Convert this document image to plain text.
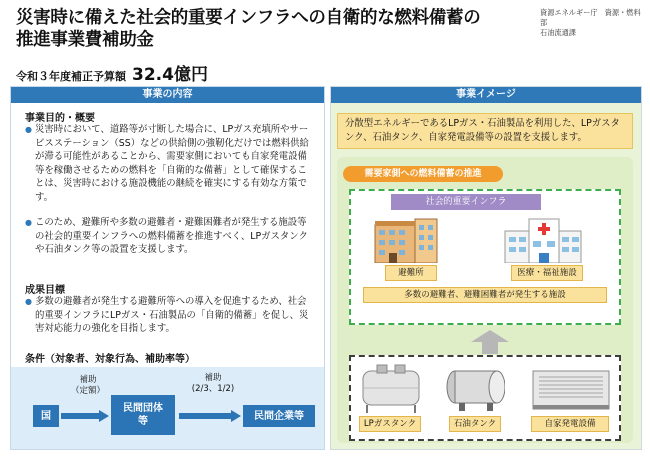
災害時に備えた社会的重要インフラへの自衛的な燃料備蓄の
推進事業費補助金
資源エネルギー庁　資源・燃料部
石油流通課
令和３年度補正予算額 32.4億円
事業の内容
事業目的・概要
● 災害時において、道路等が寸断した場合に、LPガス充填所やサービスステーション（SS）などの供給側の強靭化だけでは燃料供給が滞る可能性があることから、需要家側においても自家発電設備等を稼働させるための燃料を「自衛的な備蓄」として確保することは、災害時における施設機能の継続を確実にする有効な方策です。
● このため、避難所や多数の避難者・避難困難者が発生する施設等の社会的重要インフラへの燃料備蓄を推進すべく、LPガスタンクや石油タンク等の設置を支援します。
成果目標
● 多数の避難者が発生する避難所等への導入を促進するため、社会的重要インフラにLPガス・石油製品の「自衛的備蓄」を促し、災害対応能力の強化を目指します。
条件（対象者、対象行為、補助率等）
国
補助
（定額）
民間団体
等
補助
(2/3、1/2)
民間企業等
事業イメージ
分散型エネルギーであるLPガス・石油製品を利用した、LPガスタンク、石油タンク、自家発電設備等の設置を支援します。
需要家側への燃料備蓄の推進
社会的重要インフラ
避難所	医療・福祉施設
多数の避難者、避難困難者が発生する施設
LPガスタンク	石油タンク	自家発電設備
